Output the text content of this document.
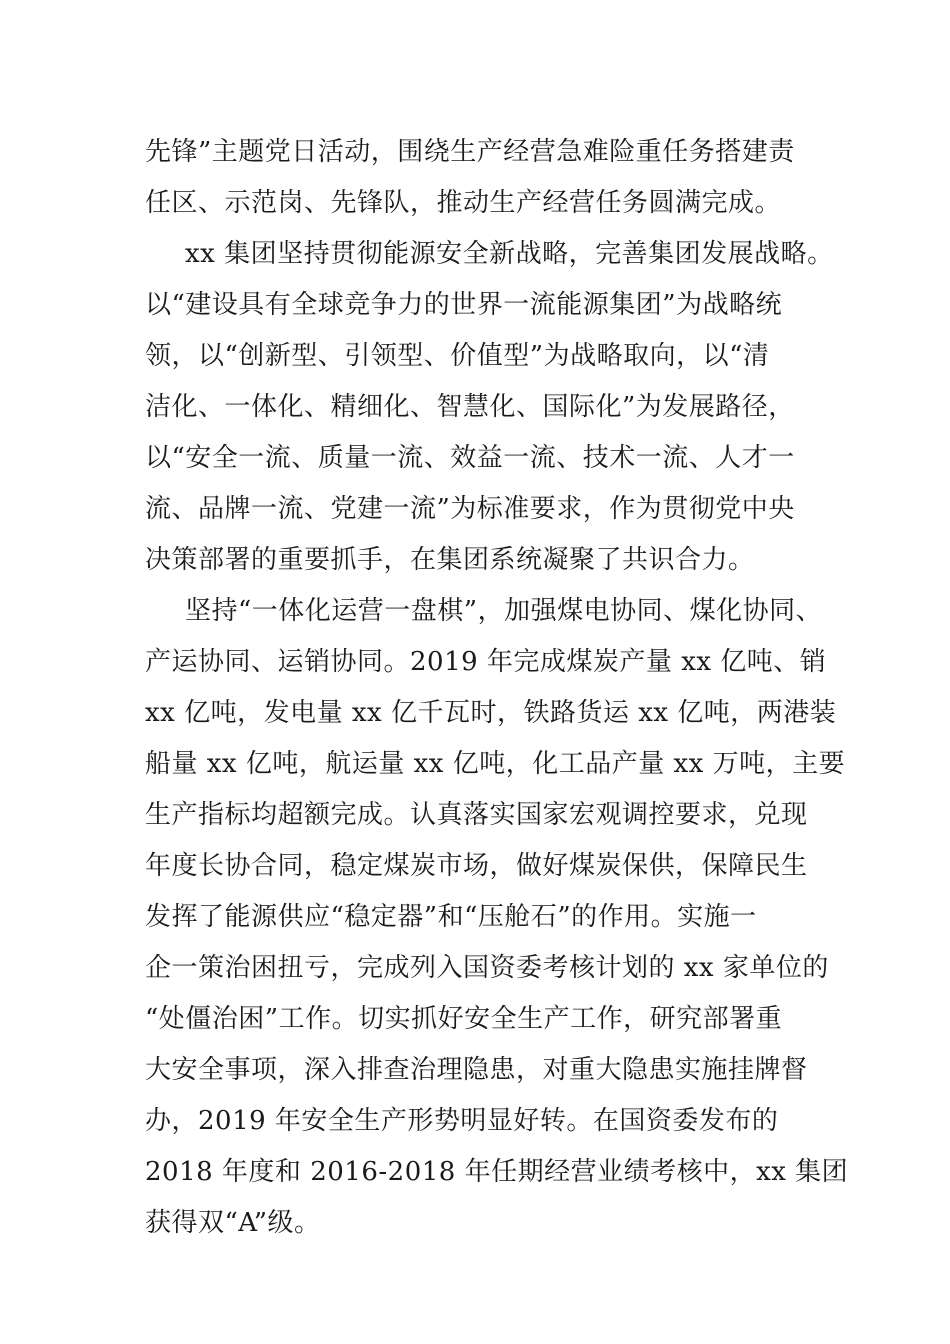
先锋”主题党日活动，围绕生产经营急难险重任务搭建责
任区、示范岗、先锋队，推动生产经营任务圆满完成。
xx 集团坚持贯彻能源安全新战略，完善集团发展战略。
以“建设具有全球竞争力的世界一流能源集团”为战略统
领，以“创新型、引领型、价值型”为战略取向，以“清
洁化、一体化、精细化、智慧化、国际化”为发展路径，
以“安全一流、质量一流、效益一流、技术一流、人才一
流、品牌一流、党建一流”为标准要求，作为贯彻党中央
决策部署的重要抓手，在集团系统凝聚了共识合力。
坚持“一体化运营一盘棋”，加强煤电协同、煤化协同、
产运协同、运销协同。2019 年完成煤炭产量 xx 亿吨、销
xx 亿吨，发电量 xx 亿千瓦时，铁路货运 xx 亿吨，两港装
船量 xx 亿吨，航运量 xx 亿吨，化工品产量 xx 万吨，主要
生产指标均超额完成。认真落实国家宏观调控要求，兑现
年度长协合同，稳定煤炭市场，做好煤炭保供，保障民生
发挥了能源供应“稳定器”和“压舱石”的作用。实施一
企一策治困扭亏，完成列入国资委考核计划的 xx 家单位的
“处僵治困”工作。切实抓好安全生产工作，研究部署重
大安全事项，深入排查治理隐患，对重大隐患实施挂牌督
办，2019 年安全生产形势明显好转。在国资委发布的
2018 年度和 2016-2018 年任期经营业绩考核中，xx 集团
获得双“A”级。
